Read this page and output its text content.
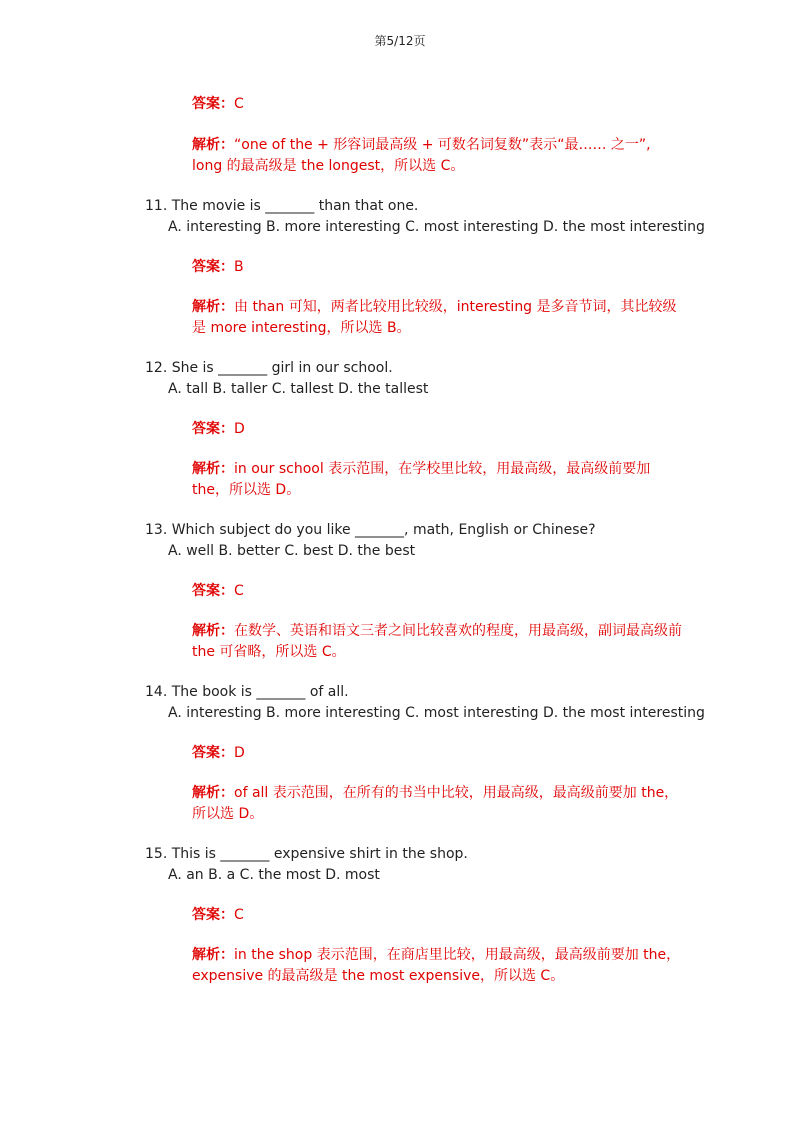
第5/12页
答案：C
解析：“one of the + 形容词最高级 + 可数名词复数”表示“最…… 之一”, long 的最高级是 the longest，所以选 C。
11. The movie is _______ than that one.
A. interesting B. more interesting C. most interesting D. the most interesting
答案：B
解析：由 than 可知，两者比较用比较级，interesting 是多音节词，其比较级是 more interesting，所以选 B。
12. She is _______ girl in our school.
A. tall B. taller C. tallest D. the tallest
答案：D
解析：in our school 表示范围，在学校里比较，用最高级，最高级前要加 the，所以选 D。
13. Which subject do you like _______, math, English or Chinese?
A. well B. better C. best D. the best
答案：C
解析：在数学、英语和语文三者之间比较喜欢的程度，用最高级，副词最高级前 the 可省略，所以选 C。
14. The book is _______ of all.
A. interesting B. more interesting C. most interesting D. the most interesting
答案：D
解析：of all 表示范围，在所有的书当中比较，用最高级，最高级前要加 the，所以选 D。
15. This is _______ expensive shirt in the shop.
A. an B. a C. the most D. most
答案：C
解析：in the shop 表示范围，在商店里比较，用最高级，最高级前要加 the，expensive 的最高级是 the most expensive，所以选 C。
